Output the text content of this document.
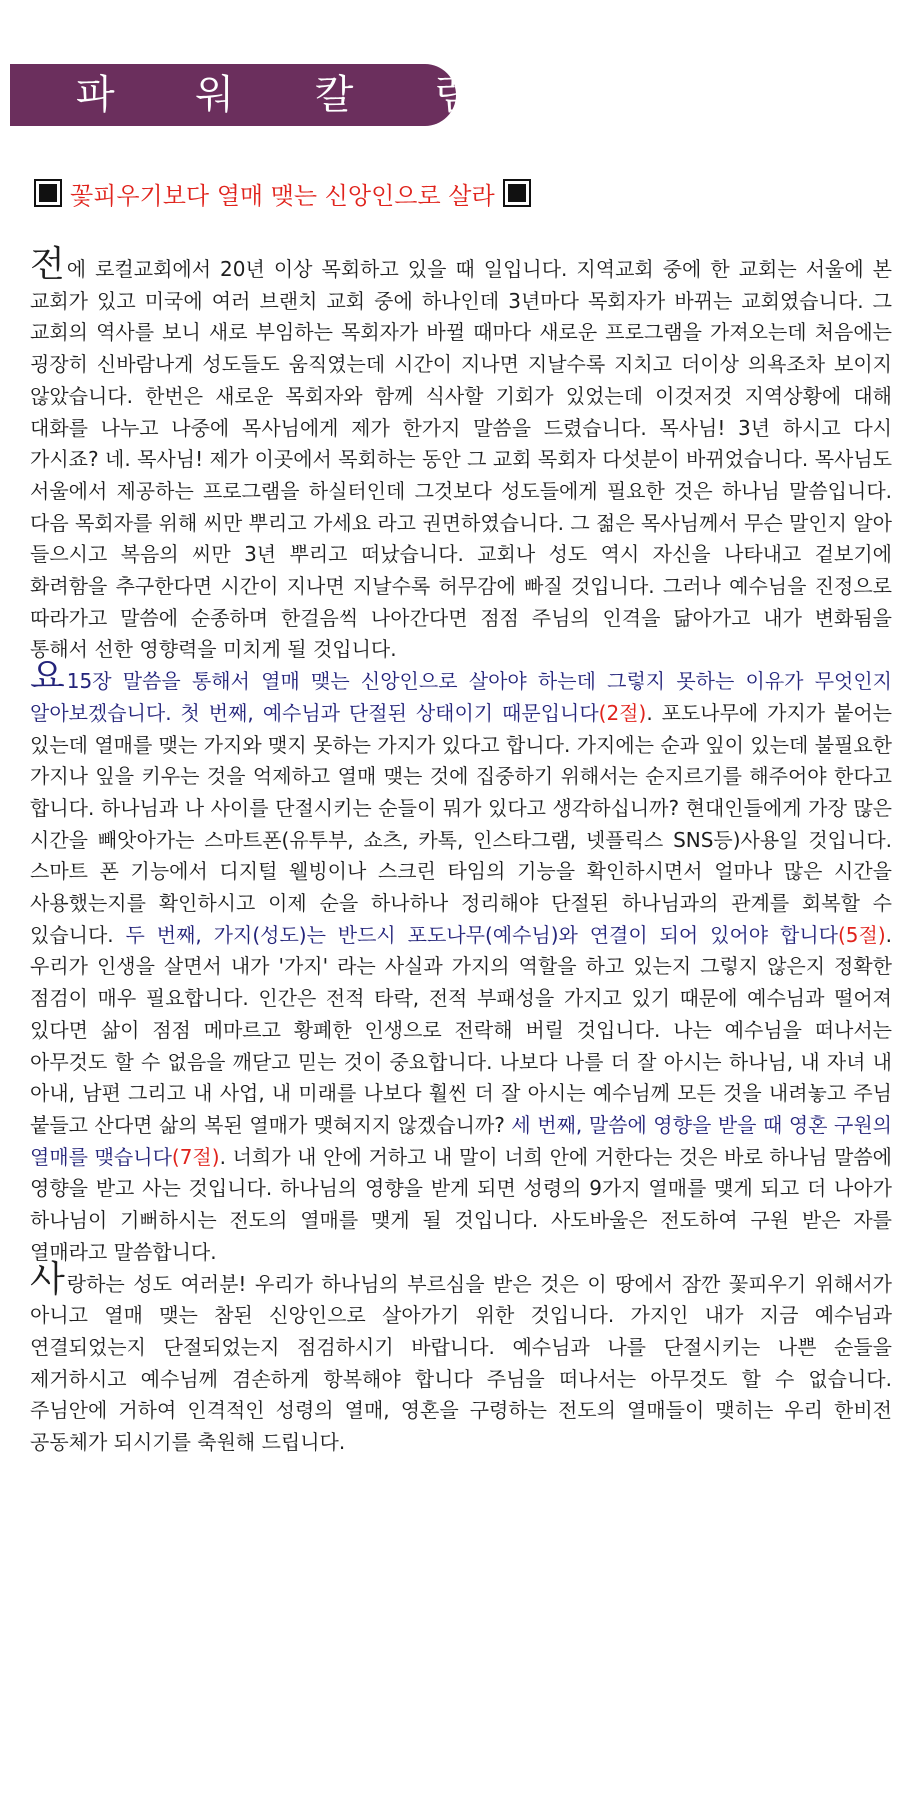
파 워 칼 럼
꽃피우기보다 열매 맺는 신앙인으로 살라

전에 로컬교회에서 20년 이상 목회하고 있을 때 일입니다. 지역교회 중에 한 교회는 서울에 본 교회가 있고 미국에 여러 브랜치 교회 중에 하나인데 3년마다 목회자가 바뀌는 교회였습니다. 그 교회의 역사를 보니 새로 부임하는 목회자가 바뀔 때마다 새로운 프로그램을 가져오는데 처음에는 굉장히 신바람나게 성도들도 움직였는데 시간이 지나면 지날수록 지치고 더이상 의욕조차 보이지 않았습니다. 한번은 새로운 목회자와 함께 식사할 기회가 있었는데 이것저것 지역상황에 대해 대화를 나누고 나중에 목사님에게 제가 한가지 말씀을 드렸습니다. 목사님! 3년 하시고 다시 가시죠? 네. 목사님! 제가 이곳에서 목회하는 동안 그 교회 목회자 다섯분이 바뀌었습니다. 목사님도 서울에서 제공하는 프로그램을 하실터인데 그것보다 성도들에게 필요한 것은 하나님 말씀입니다. 다음 목회자를 위해 씨만 뿌리고 가세요 라고 권면하였습니다. 그 젊은 목사님께서 무슨 말인지 알아 들으시고 복음의 씨만 3년 뿌리고 떠났습니다. 교회나 성도 역시 자신을 나타내고 겉보기에 화려함을 추구한다면 시간이 지나면 지날수록 허무감에 빠질 것입니다. 그러나 예수님을 진정으로 따라가고 말씀에 순종하며 한걸음씩 나아간다면 점점 주님의 인격을 닮아가고 내가 변화됨을 통해서 선한 영향력을 미치게 될 것입니다.

요 15장 말씀을 통해서 열매 맺는 신앙인으로 살아야 하는데 그렇지 못하는 이유가 무엇인지 알아보겠습니다. 첫 번째, 예수님과 단절된 상태이기 때문입니다(2절). 포도나무에 가지가 붙어는 있는데 열매를 맺는 가지와 맺지 못하는 가지가 있다고 합니다. 가지에는 순과 잎이 있는데 불필요한 가지나 잎을 키우는 것을 억제하고 열매 맺는 것에 집중하기 위해서는 순지르기를 해주어야 한다고 합니다. 하나님과 나 사이를 단절시키는 순들이 뭐가 있다고 생각하십니까? 현대인들에게 가장 많은 시간을 빼앗아가는 스마트폰(유투부, 쇼츠, 카톡, 인스타그램, 넷플릭스 SNS등)사용일 것입니다. 스마트 폰 기능에서 디지털 웰빙이나 스크린 타임의 기능을 확인하시면서 얼마나 많은 시간을 사용했는지를 확인하시고 이제 순을 하나하나 정리해야 단절된 하나님과의 관계를 회복할 수 있습니다. 두 번째, 가지(성도)는 반드시 포도나무(예수님)와 연결이 되어 있어야 합니다(5절). 우리가 인생을 살면서 내가 '가지' 라는 사실과 가지의 역할을 하고 있는지 그렇지 않은지 정확한 점검이 매우 필요합니다. 인간은 전적 타락, 전적 부패성을 가지고 있기 때문에 예수님과 떨어져 있다면 삶이 점점 메마르고 황폐한 인생으로 전락해 버릴 것입니다. 나는 예수님을 떠나서는 아무것도 할 수 없음을 깨닫고 믿는 것이 중요합니다. 나보다 나를 더 잘 아시는 하나님, 내 자녀 내 아내, 남편 그리고 내 사업, 내 미래를 나보다 훨씬 더 잘 아시는 예수님께 모든 것을 내려놓고 주님 붙들고 산다면 삶의 복된 열매가 맺혀지지 않겠습니까? 세 번째, 말씀에 영향을 받을 때 영혼 구원의 열매를 맺습니다(7절). 너희가 내 안에 거하고 내 말이 너희 안에 거한다는 것은 바로 하나님 말씀에 영향을 받고 사는 것입니다. 하나님의 영향을 받게 되면 성령의 9가지 열매를 맺게 되고 더 나아가 하나님이 기뻐하시는 전도의 열매를 맺게 될 것입니다. 사도바울은 전도하여 구원 받은 자를 열매라고 말씀합니다.

사랑하는 성도 여러분! 우리가 하나님의 부르심을 받은 것은 이 땅에서 잠깐 꽃피우기 위해서가 아니고 열매 맺는 참된 신앙인으로 살아가기 위한 것입니다. 가지인 내가 지금 예수님과 연결되었는지 단절되었는지 점검하시기 바랍니다. 예수님과 나를 단절시키는 나쁜 순들을 제거하시고 예수님께 겸손하게 항복해야 합니다 주님을 떠나서는 아무것도 할 수 없습니다. 주님안에 거하여 인격적인 성령의 열매, 영혼을 구령하는 전도의 열매들이 맺히는 우리 한비전 공동체가 되시기를 축원해 드립니다.
